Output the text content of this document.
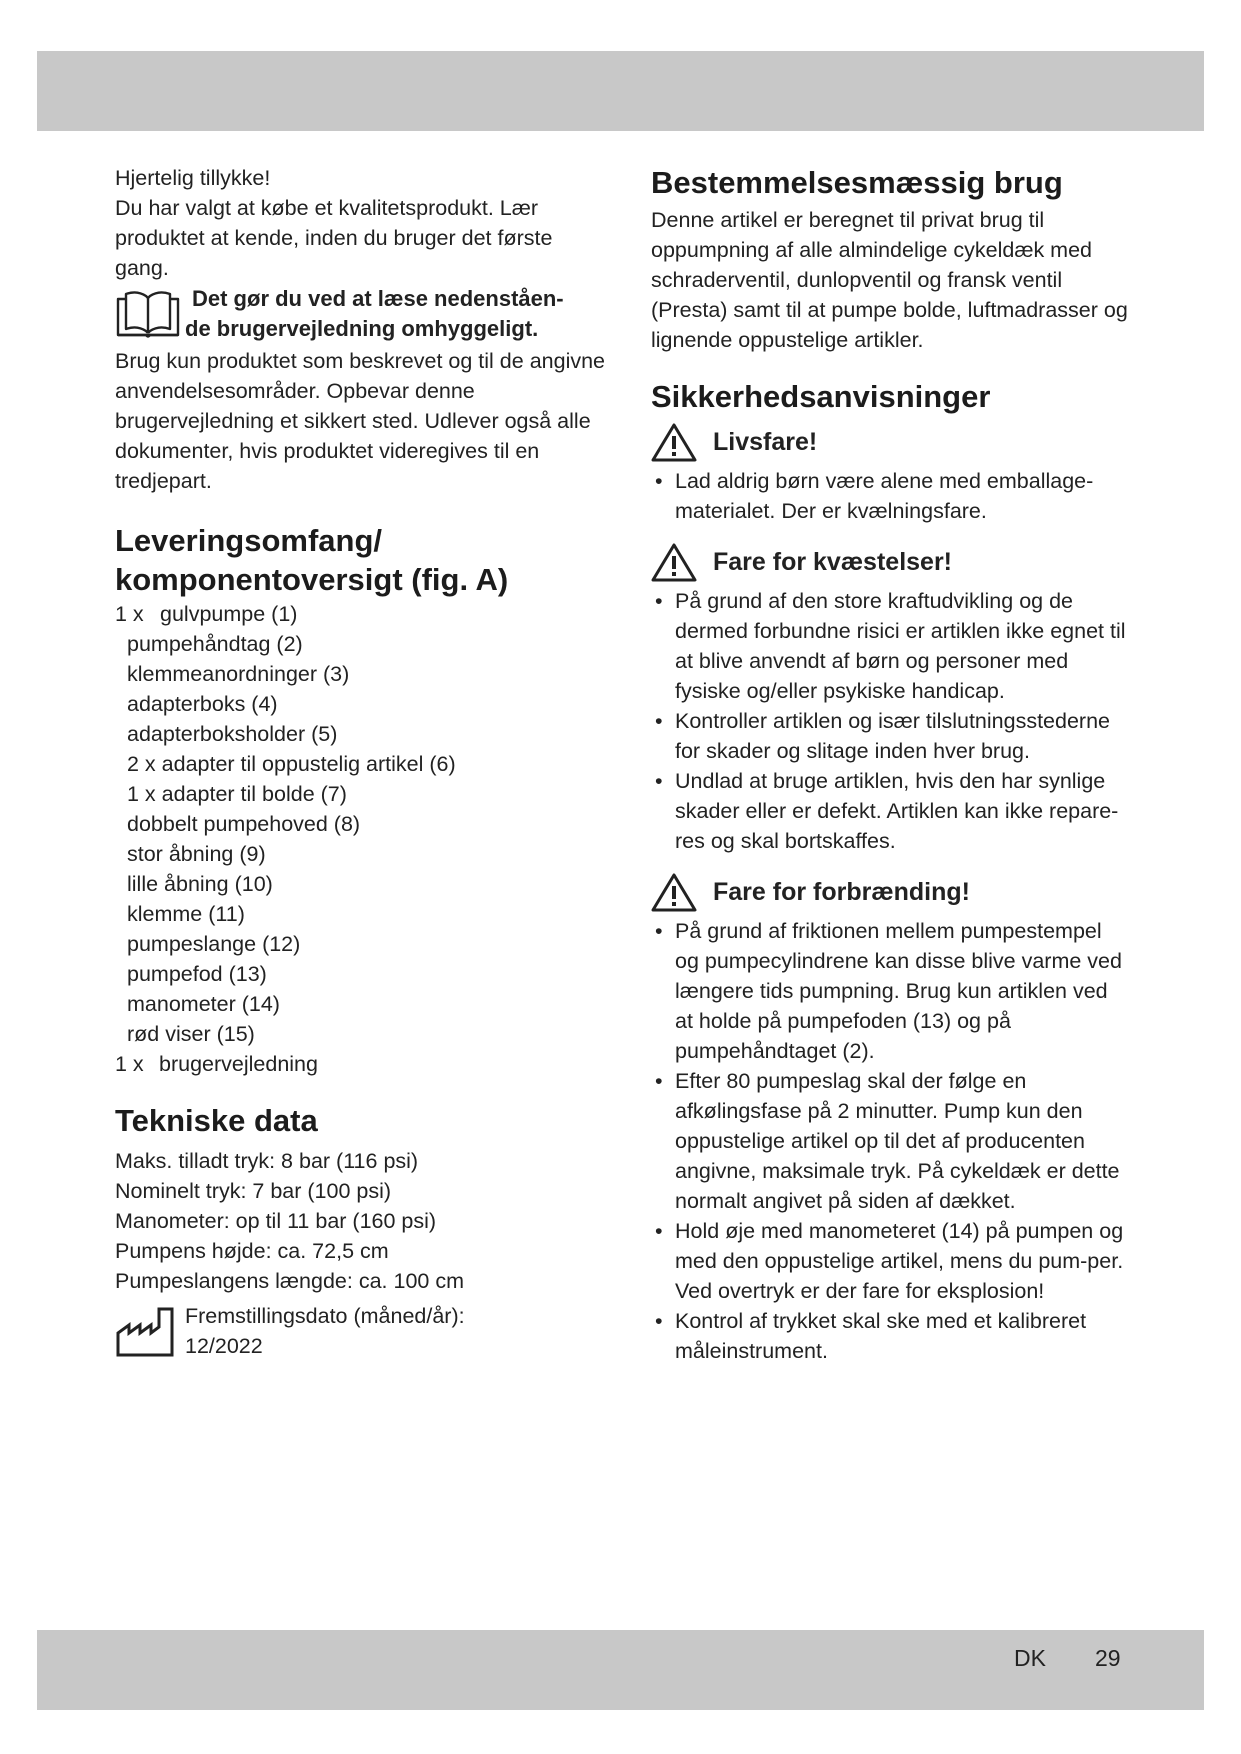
Hjertelig tillykke!

Du har valgt at købe et kvalitetsprodukt. Lær produktet at kende, inden du bruger det første gang.

Det gør du ved at læse nedenståen-
de brugervejledning omhyggeligt.

Brug kun produktet som beskrevet og til de angivne anvendelsesområder. Opbevar denne brugervejledning et sikkert sted. Udlever også alle dokumenter, hvis produktet videregives til en tredjepart.

Leveringsomfang/
komponentoversigt (fig. A)
1 x gulvpumpe (1)
pumpehåndtag (2)
klemmeanordninger (3)
adapterboks (4)
adapterboksholder (5)
2 x adapter til oppustelig artikel (6)
1 x adapter til bolde (7)
dobbelt pumpehoved (8)
stor åbning (9)
lille åbning (10)
klemme (11)
pumpeslange (12)
pumpefod (13)
manometer (14)
rød viser (15)
1 x brugervejledning
Tekniske data

Maks. tilladt tryk: 8 bar (116 psi)

Nominelt tryk: 7 bar (100 psi)

Manometer: op til 11 bar (160 psi)

Pumpens højde: ca. 72,5 cm

Pumpeslangens længde: ca. 100 cm

Fremstillingsdato (måned/år):
12/2022
Bestemmelsesmæssig brug

Denne artikel er beregnet til privat brug til oppumpning af alle almindelige cykeldæk med schraderventil, dunlopventil og fransk ventil (Presta) samt til at pumpe bolde, luftmadrasser og lignende oppustelige artikler.

Sikkerhedsanvisninger
Livsfare!
• Lad aldrig børn være alene med emballage-materialet. Der er kvælningsfare.
Fare for kvæstelser!
• På grund af den store kraftudvikling og de dermed forbundne risici er artiklen ikke egnet til at blive anvendt af børn og personer med fysiske og/eller psykiske handicap.
• Kontroller artiklen og især tilslutningsstederne for skader og slitage inden hver brug.
• Undlad at bruge artiklen, hvis den har synlige skader eller er defekt. Artiklen kan ikke repare-res og skal bortskaffes.
Fare for forbrænding!
• På grund af friktionen mellem pumpestempel og pumpecylindrene kan disse blive varme ved længere tids pumpning. Brug kun artiklen ved at holde på pumpefoden (13) og på pumpehåndtaget (2).
• Efter 80 pumpeslag skal der følge en afkølingsfase på 2 minutter. Pump kun den oppustelige artikel op til det af producenten angivne, maksimale tryk. På cykeldæk er dette normalt angivet på siden af dækket.
• Hold øje med manometeret (14) på pumpen og med den oppustelige artikel, mens du pum-per. Ved overtryk er der fare for eksplosion!
• Kontrol af trykket skal ske med et kalibreret måleinstrument.
DK 29
